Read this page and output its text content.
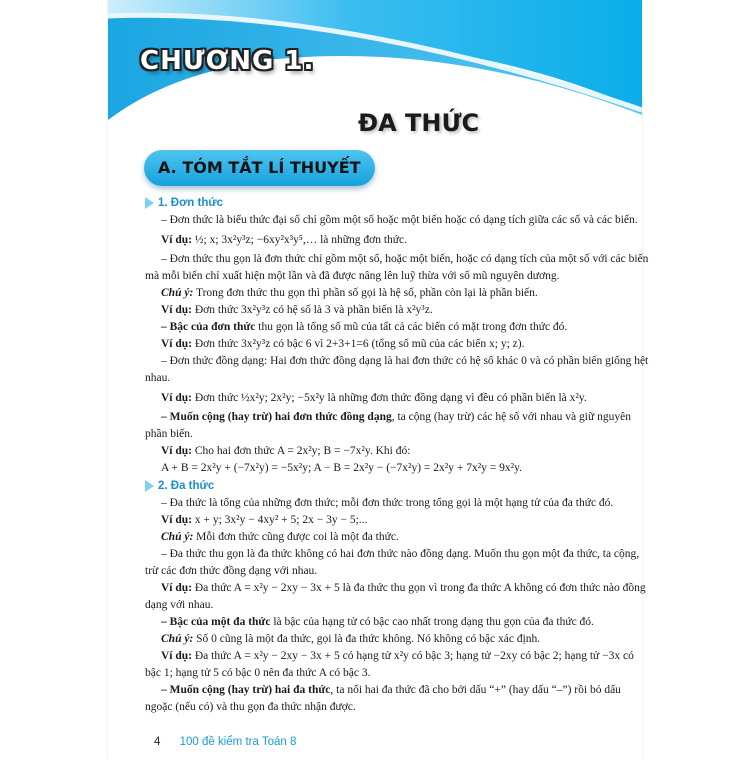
CHƯƠNG 1.
ĐA THỨC
A. TÓM TẮT LÍ THUYẾT
1. Đơn thức

– Đơn thức là biểu thức đại số chỉ gồm một số hoặc một biến hoặc có dạng tích giữa các số và các biến.

Ví dụ: ½; x; 3x²y³z; −6xy²x³y⁵,… là những đơn thức.

– Đơn thức thu gọn là đơn thức chỉ gồm một số, hoặc một biến, hoặc có dạng tích của một số với các biến mà mỗi biến chỉ xuất hiện một lần và đã được nâng lên luỹ thừa với số mũ nguyên dương.

Chú ý: Trong đơn thức thu gọn thì phần số gọi là hệ số, phần còn lại là phần biến.

Ví dụ: Đơn thức 3x²y³z có hệ số là 3 và phần biến là x²y³z.

– Bậc của đơn thức thu gọn là tổng số mũ của tất cả các biến có mặt trong đơn thức đó.

Ví dụ: Đơn thức 3x²y³z có bậc 6 vì 2+3+1=6 (tổng số mũ của các biến x; y; z).

– Đơn thức đồng dạng: Hai đơn thức đồng dạng là hai đơn thức có hệ số khác 0 và có phần biến giống hệt nhau.

Ví dụ: Đơn thức ½x²y; 2x²y; −5x²y là những đơn thức đồng dạng vì đều có phần biến là x²y.

– Muốn cộng (hay trừ) hai đơn thức đồng dạng, ta cộng (hay trừ) các hệ số với nhau và giữ nguyên phần biến.

Ví dụ: Cho hai đơn thức A = 2x²y; B = −7x²y. Khi đó:

A + B = 2x²y + (−7x²y) = −5x²y; A − B = 2x²y − (−7x²y) = 2x²y + 7x²y = 9x²y.

2. Đa thức

– Đa thức là tổng của những đơn thức; mỗi đơn thức trong tổng gọi là một hạng tử của đa thức đó.

Ví dụ: x + y; 3x²y − 4xy² + 5; 2x − 3y − 5;...

Chú ý: Mỗi đơn thức cũng được coi là một đa thức.

– Đa thức thu gọn là đa thức không có hai đơn thức nào đồng dạng. Muốn thu gọn một đa thức, ta cộng, trừ các đơn thức đồng dạng với nhau.

Ví dụ: Đa thức A = x²y − 2xy − 3x + 5 là đa thức thu gọn vì trong đa thức A không có đơn thức nào đồng dạng với nhau.

– Bậc của một đa thức là bậc của hạng tử có bậc cao nhất trong dạng thu gọn của đa thức đó.

Chú ý: Số 0 cũng là một đa thức, gọi là đa thức không. Nó không có bậc xác định.

Ví dụ: Đa thức A = x²y − 2xy − 3x + 5 có hạng tử x²y có bậc 3; hạng tử −2xy có bậc 2; hạng tử −3x có bậc 1; hạng tử 5 có bậc 0 nên đa thức A có bậc 3.

– Muốn cộng (hay trừ) hai đa thức, ta nối hai đa thức đã cho bởi dấu “+” (hay dấu “–”) rồi bỏ dấu ngoặc (nếu có) và thu gọn đa thức nhận được.

4 100 đề kiểm tra Toán 8
